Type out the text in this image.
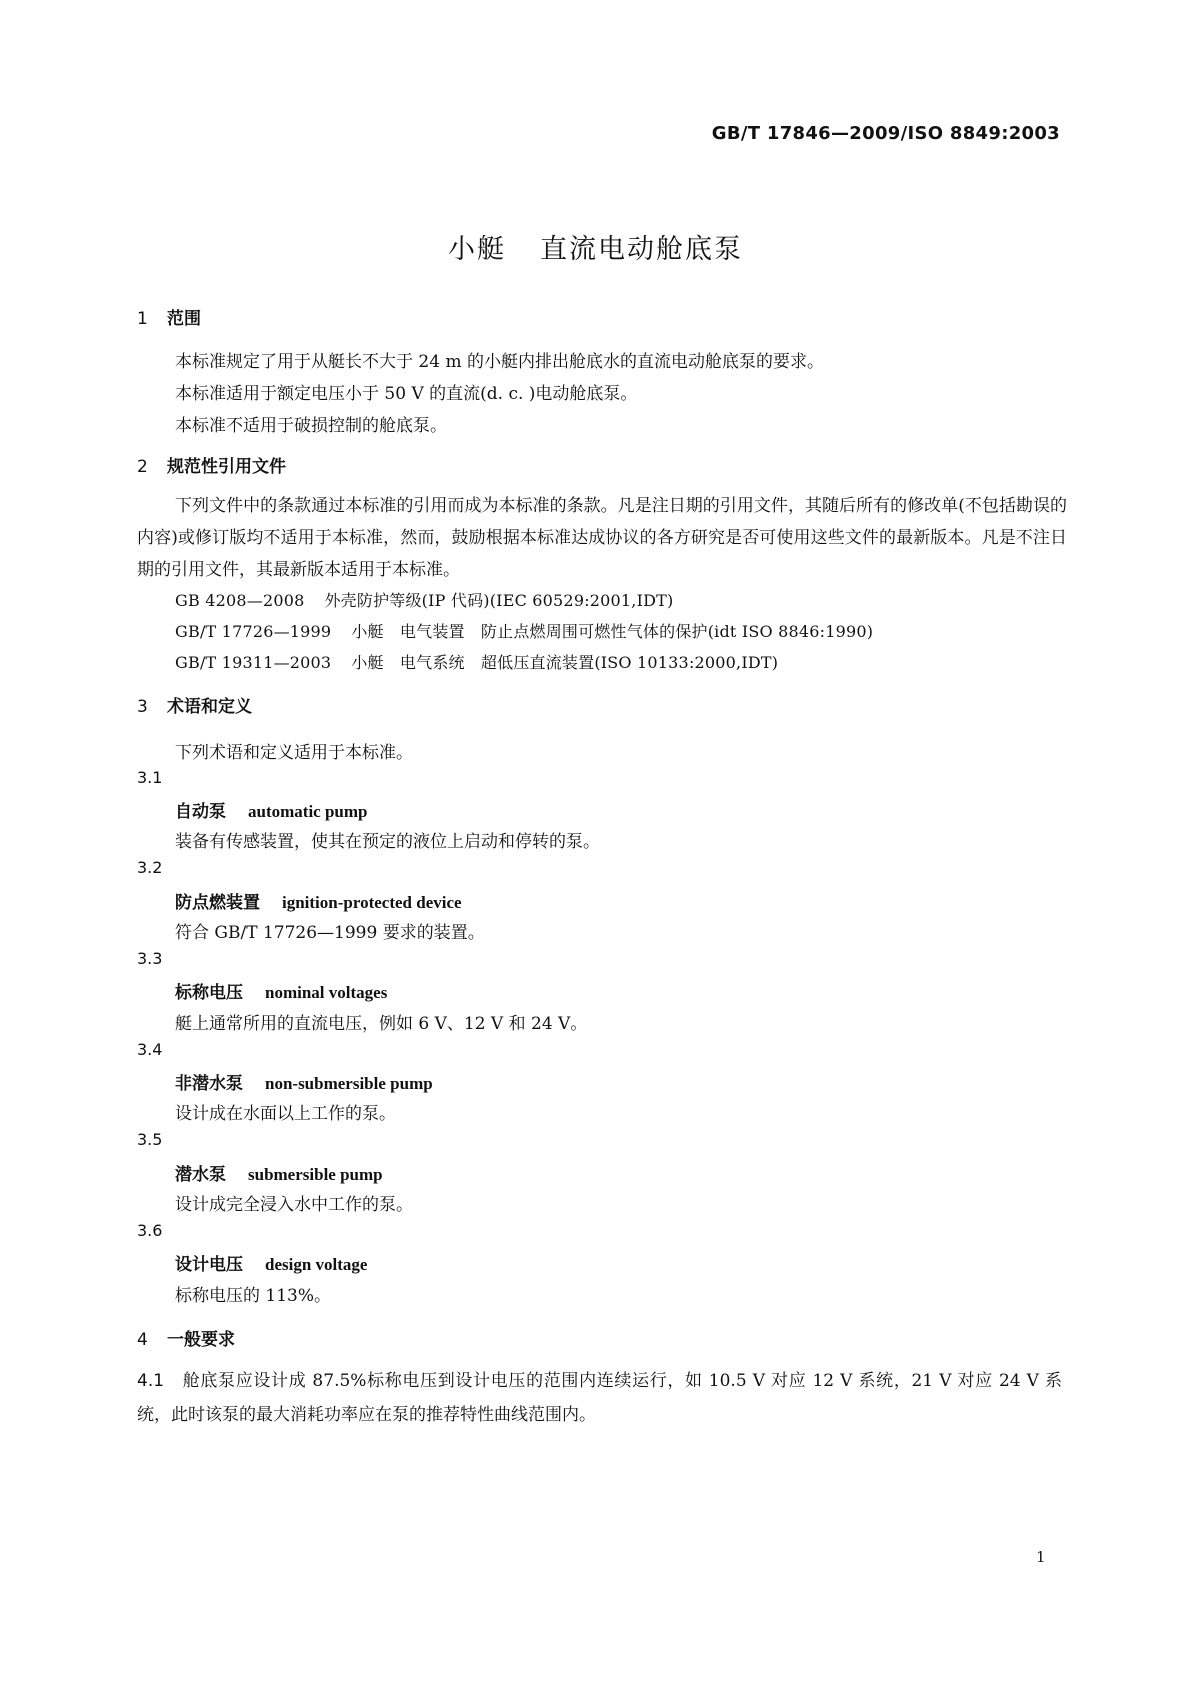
GB/T 17846—2009/ISO 8849:2003
小艇 直流电动舱底泵
1 范围
本标准规定了用于从艇长不大于 24 m 的小艇内排出舱底水的直流电动舱底泵的要求。
本标准适用于额定电压小于 50 V 的直流(d. c. )电动舱底泵。
本标准不适用于破损控制的舱底泵。
2 规范性引用文件
下列文件中的条款通过本标准的引用而成为本标准的条款。凡是注日期的引用文件，其随后所有的修改单(不包括勘误的内容)或修订版均不适用于本标准，然而，鼓励根据本标准达成协议的各方研究是否可使用这些文件的最新版本。凡是不注日期的引用文件，其最新版本适用于本标准。
GB 4208—2008 外壳防护等级(IP 代码)(IEC 60529:2001,IDT)
GB/T 17726—1999 小艇　电气装置　防止点燃周围可燃性气体的保护(idt ISO 8846:1990)
GB/T 19311—2003 小艇　电气系统　超低压直流装置(ISO 10133:2000,IDT)
3 术语和定义
下列术语和定义适用于本标准。
3.1
自动泵 automatic pump
装备有传感装置，使其在预定的液位上启动和停转的泵。
3.2
防点燃装置 ignition-protected device
符合 GB/T 17726—1999 要求的装置。
3.3
标称电压 nominal voltages
艇上通常所用的直流电压，例如 6 V、12 V 和 24 V。
3.4
非潜水泵 non-submersible pump
设计成在水面以上工作的泵。
3.5
潜水泵 submersible pump
设计成完全浸入水中工作的泵。
3.6
设计电压 design voltage
标称电压的 113%。
4 一般要求
4.1 舱底泵应设计成 87.5%标称电压到设计电压的范围内连续运行，如 10.5 V 对应 12 V 系统，21 V 对应 24 V 系统，此时该泵的最大消耗功率应在泵的推荐特性曲线范围内。
1
